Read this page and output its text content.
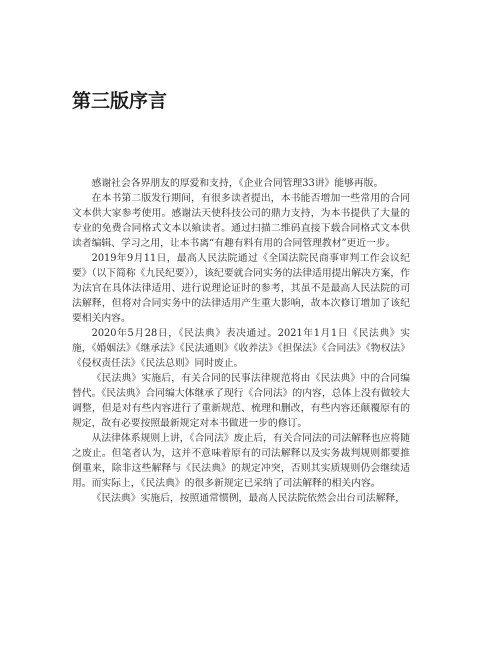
第三版序言

感谢社会各界朋友的厚爱和支持，《企业合同管理33讲》能够再版。

在本书第二版发行期间，有很多读者提出，本书能否增加一些常用的合同文本供大家参考使用。感谢法天使科技公司的鼎力支持，为本书提供了大量的专业的免费合同格式文本以飨读者。通过扫描二维码直接下载合同格式文本供读者编辑、学习之用，让本书离“有趣有料有用的合同管理教材”更近一步。

2019年9月11日，最高人民法院通过《全国法院民商事审判工作会议纪要》（以下简称《九民纪要》），该纪要就合同实务的法律适用提出解决方案，作为法官在具体法律适用、进行说理论证时的参考，其虽不是最高人民法院的司法解释，但将对合同实务中的法律适用产生重大影响，故本次修订增加了该纪要相关内容。

2020年5月28日，《民法典》表决通过。2021年1月1日《民法典》实施，《婚姻法》《继承法》《民法通则》《收养法》《担保法》《合同法》《物权法》《侵权责任法》《民法总则》同时废止。

《民法典》实施后，有关合同的民事法律规范将由《民法典》中的合同编替代。《民法典》合同编大体继承了现行《合同法》的内容，总体上没有做较大调整，但是对有些内容进行了重新规范、梳理和删改，有些内容还颠覆原有的规定，故有必要按照最新规定对本书做进一步的修订。

从法律体系规则上讲，《合同法》废止后，有关合同法的司法解释也应将随之废止。但笔者认为，这并不意味着原有的司法解释以及实务裁判规则都要推倒重来，除非这些解释与《民法典》的规定冲突，否则其实质规则仍会继续适用。而实际上，《民法典》的很多新规定已采纳了司法解释的相关内容。

《民法典》实施后，按照通常惯例，最高人民法院依然会出台司法解释，
